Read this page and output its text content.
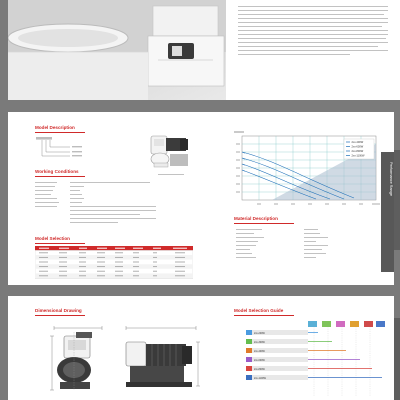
Model Description
Working Conditions
Model Selection
2xx-400W
2xx-600W
2xx-800W
2xx-1100W
Material Description
Performance Range
Dimensional Drawing	Model Selection Guide
2xx-200W
2xx-300W
2xx-400W
2xx-600W
2xx-800W
2xx-1100W
